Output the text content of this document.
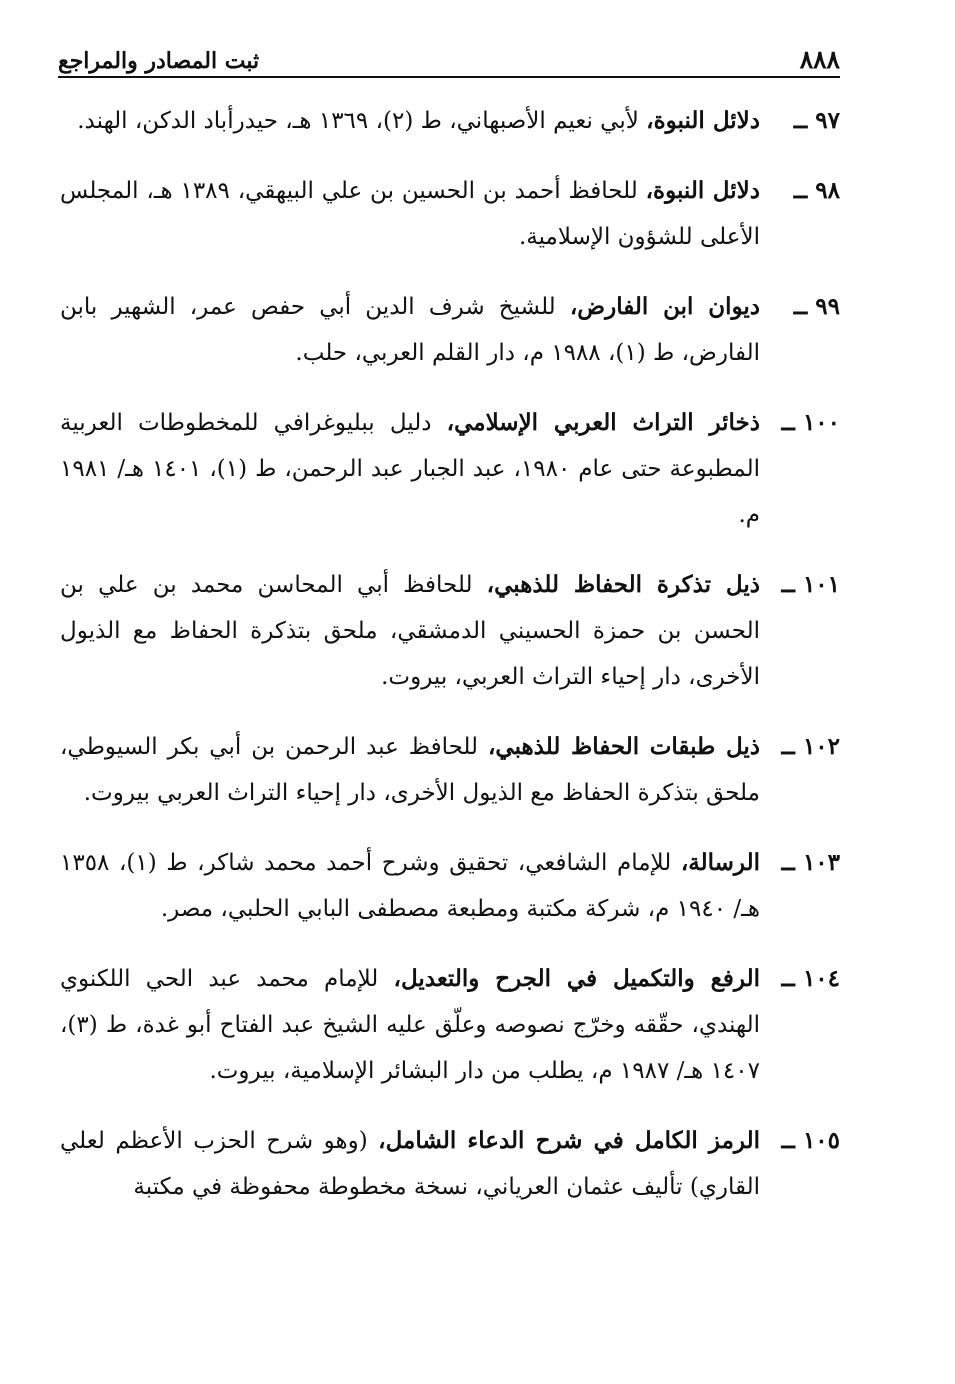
٨٨٨
ثبت المصادر والمراجع
٩٧ ــ
دلائل النبوة، لأبي نعيم الأصبهاني، ط (٢)، ١٣٦٩ هـ، حيدرأباد الدكن، الهند.
٩٨ ــ
دلائل النبوة، للحافظ أحمد بن الحسين بن علي البيهقي، ١٣٨٩ هـ، المجلس الأعلى للشؤون الإسلامية.
٩٩ ــ
ديوان ابن الفارض، للشيخ شرف الدين أبي حفص عمر، الشهير بابن الفارض، ط (١)، ١٩٨٨ م، دار القلم العربي، حلب.
١٠٠ ــ
ذخائر التراث العربي الإسلامي، دليل ببليوغرافي للمخطوطات العربية المطبوعة حتى عام ١٩٨٠، عبد الجبار عبد الرحمن، ط (١)، ١٤٠١ هـ/ ١٩٨١ م.
١٠١ ــ
ذيل تذكرة الحفاظ للذهبي، للحافظ أبي المحاسن محمد بن علي بن الحسن بن حمزة الحسيني الدمشقي، ملحق بتذكرة الحفاظ مع الذيول الأخرى، دار إحياء التراث العربي، بيروت.
١٠٢ ــ
ذيل طبقات الحفاظ للذهبي، للحافظ عبد الرحمن بن أبي بكر السيوطي، ملحق بتذكرة الحفاظ مع الذيول الأخرى، دار إحياء التراث العربي بيروت.
١٠٣ ــ
الرسالة، للإمام الشافعي، تحقيق وشرح أحمد محمد شاكر، ط (١)، ١٣٥٨ هـ/ ١٩٤٠ م، شركة مكتبة ومطبعة مصطفى البابي الحلبي، مصر.
١٠٤ ــ
الرفع والتكميل في الجرح والتعديل، للإمام محمد عبد الحي اللكنوي الهندي، حقّقه وخرّج نصوصه وعلّق عليه الشيخ عبد الفتاح أبو غدة، ط (٣)، ١٤٠٧ هـ/ ١٩٨٧ م، يطلب من دار البشائر الإسلامية، بيروت.
١٠٥ ــ
الرمز الكامل في شرح الدعاء الشامل، (وهو شرح الحزب الأعظم لعلي القاري) تأليف عثمان العرياني، نسخة مخطوطة محفوظة في مكتبة
